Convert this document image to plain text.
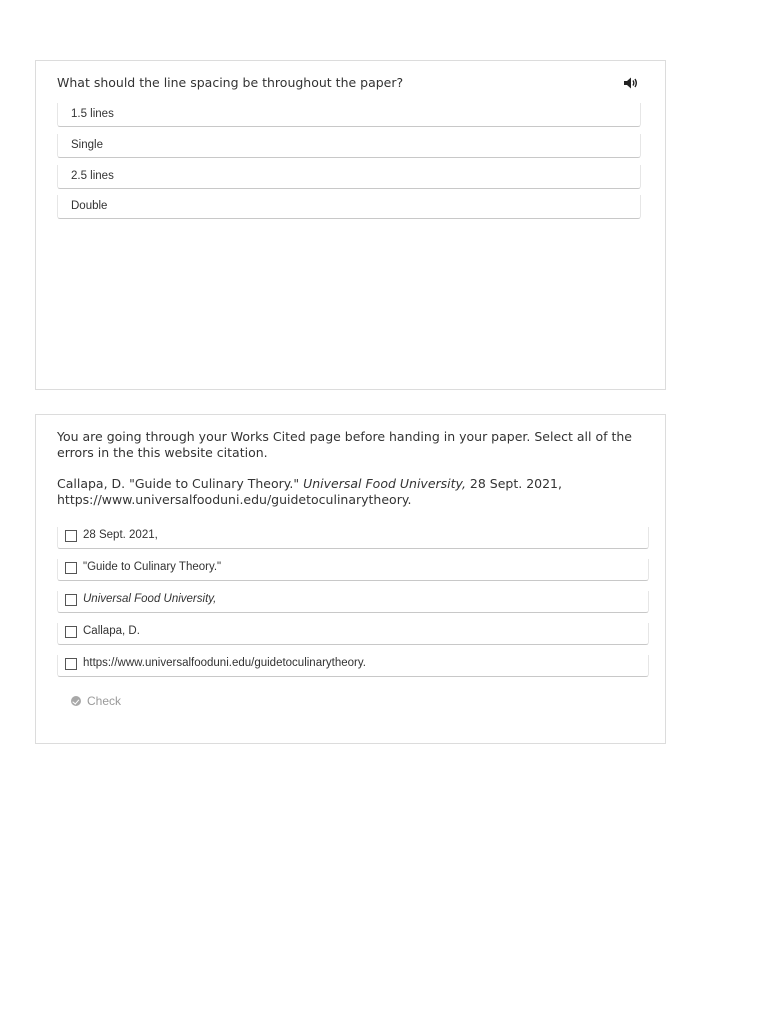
What should the line spacing be throughout the paper?
1.5 lines
Single
2.5 lines
Double
You are going through your Works Cited page before handing in your paper. Select all of the errors in the this website citation.
Callapa, D. "Guide to Culinary Theory." Universal Food University, 28 Sept. 2021, https://www.universalfooduni.edu/guidetoculinarytheory.
28 Sept. 2021,
"Guide to Culinary Theory."
Universal Food University,
Callapa, D.
https://www.universalfooduni.edu/guidetoculinarytheory.
Check
